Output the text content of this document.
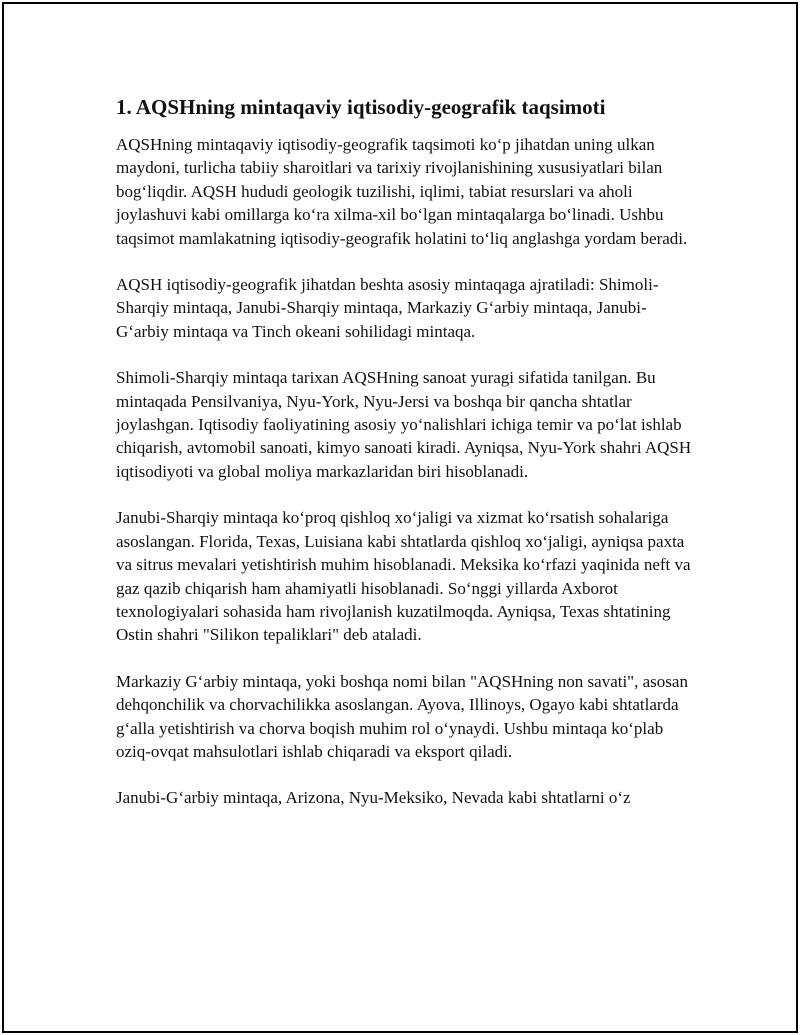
1. AQSHning mintaqaviy iqtisodiy-geografik taqsimoti

AQSHning mintaqaviy iqtisodiy-geografik taqsimoti ko‘p jihatdan uning ulkan maydoni, turlicha tabiiy sharoitlari va tarixiy rivojlanishining xususiyatlari bilan bog‘liqdir. AQSH hududi geologik tuzilishi, iqlimi, tabiat resurslari va aholi joylashuvi kabi omillarga ko‘ra xilma-xil bo‘lgan mintaqalarga bo‘linadi. Ushbu taqsimot mamlakatning iqtisodiy-geografik holatini to‘liq anglashga yordam beradi.

AQSH iqtisodiy-geografik jihatdan beshta asosiy mintaqaga ajratiladi: Shimoli-Sharqiy mintaqa, Janubi-Sharqiy mintaqa, Markaziy G‘arbiy mintaqa, Janubi-G‘arbiy mintaqa va Tinch okeani sohilidagi mintaqa.

Shimoli-Sharqiy mintaqa tarixan AQSHning sanoat yuragi sifatida tanilgan. Bu mintaqada Pensilvaniya, Nyu-York, Nyu-Jersi va boshqa bir qancha shtatlar joylashgan. Iqtisodiy faoliyatining asosiy yo‘nalishlari ichiga temir va po‘lat ishlab chiqarish, avtomobil sanoati, kimyo sanoati kiradi. Ayniqsa, Nyu-York shahri AQSH iqtisodiyoti va global moliya markazlaridan biri hisoblanadi.

Janubi-Sharqiy mintaqa ko‘proq qishloq xo‘jaligi va xizmat ko‘rsatish sohalariga asoslangan. Florida, Texas, Luisiana kabi shtatlarda qishloq xo‘jaligi, ayniqsa paxta va sitrus mevalari yetishtirish muhim hisoblanadi. Meksika ko‘rfazi yaqinida neft va gaz qazib chiqarish ham ahamiyatli hisoblanadi. So‘nggi yillarda Axborot texnologiyalari sohasida ham rivojlanish kuzatilmoqda. Ayniqsa, Texas shtatining Ostin shahri "Silikon tepaliklari" deb ataladi.

Markaziy G‘arbiy mintaqa, yoki boshqa nomi bilan "AQSHning non savati", asosan dehqonchilik va chorvachilikka asoslangan. Ayova, Illinoys, Ogayo kabi shtatlarda g‘alla yetishtirish va chorva boqish muhim rol o‘ynaydi. Ushbu mintaqa ko‘plab oziq-ovqat mahsulotlari ishlab chiqaradi va eksport qiladi.

Janubi-G‘arbiy mintaqa, Arizona, Nyu-Meksiko, Nevada kabi shtatlarni o‘z
